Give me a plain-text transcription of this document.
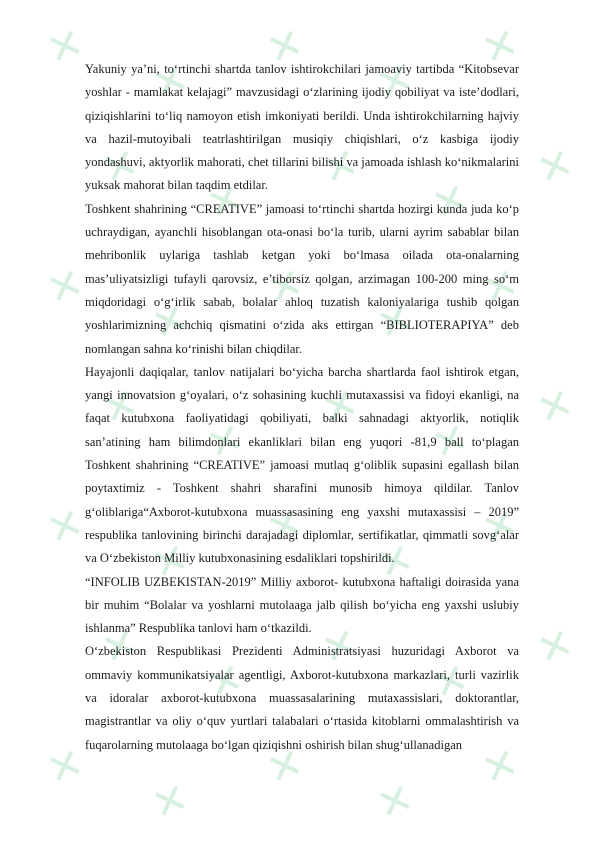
✕
✕
✕
✕
✕
✕
✕
✕
✕
✕
✕
✕
✕
✕
✕
✕
✕
✕
✕
✕
✕
✕
✕
✕
✕
✕
✕
✕
✕
✕
✕
✕
✕
✕
✕

Yakuniy ya’ni, to‘rtinchi shartda tanlov ishtirokchilari jamoaviy tartibda “Kitobsevar yoshlar - mamlakat kelajagi” mavzusidagi o‘zlarining ijodiy qobiliyat va iste’dodlari, qiziqishlarini to‘liq namoyon etish imkoniyati berildi. Unda ishtirokchilarning hajviy va hazil-mutoyibali teatrlashtirilgan musiqiy chiqishlari, o‘z kasbiga ijodiy yondashuvi, aktyorlik mahorati, chet tillarini bilishi va jamoada ishlash ko‘nikmalarini yuksak mahorat bilan taqdim etdilar.

Toshkent shahrining “CREATIVE” jamoasi to‘rtinchi shartda hozirgi kunda juda ko‘p uchraydigan, ayanchli hisoblangan ota-onasi bo‘la turib, ularni ayrim sabablar bilan mehribonlik uylariga tashlab ketgan yoki bo‘lmasa oilada ota-onalarning mas’uliyatsizligi tufayli qarovsiz, e’tiborsiz qolgan, arzimagan 100-200 ming so‘m miqdoridagi o‘g‘irlik sabab, bolalar ahloq tuzatish kaloniyalariga tushib qolgan yoshlarimizning achchiq qismatini o‘zida aks ettirgan “BIBLIOTERAPIYA” deb nomlangan sahna ko‘rinishi bilan chiqdilar.

Hayajonli daqiqalar, tanlov natijalari bo‘yicha barcha shartlarda faol ishtirok etgan, yangi innovatsion g‘oyalari, o‘z sohasining kuchli mutaxassisi va fidoyi ekanligi, na faqat kutubxona faoliyatidagi qobiliyati, balki sahnadagi aktyorlik, notiqlik san’atining ham bilimdonlari ekanliklari bilan eng yuqori -81,9 ball to‘plagan Toshkent shahrining “CREATIVE” jamoasi mutlaq g‘oliblik supasini egallash bilan poytaxtimiz - Toshkent shahri sharafini munosib himoya qildilar. Tanlov g‘oliblariga“Axborot-kutubxona muassasasining eng yaxshi mutaxassisi – 2019” respublika tanlovining birinchi darajadagi diplomlar, sertifikatlar, qimmatli sovg‘alar va O‘zbekiston Milliy kutubxonasining esdaliklari topshirildi.

“INFOLIB UZBEKISTAN-2019” Milliy axborot- kutubxona haftaligi doirasida yana bir muhim “Bolalar va yoshlarni mutolaaga jalb qilish bo‘yicha eng yaxshi uslubiy ishlanma” Respublika tanlovi ham o‘tkazildi.

O‘zbekiston Respublikasi Prezidenti Administratsiyasi huzuridagi Axborot va ommaviy kommunikatsiyalar agentligi, Axborot-kutubxona markazlari, turli vazirlik va idoralar axborot-kutubxona muassasalarining mutaxassislari, doktorantlar, magistrantlar va oliy o‘quv yurtlari talabalari o‘rtasida kitoblarni ommalashtirish va fuqarolarning mutolaaga bo‘lgan qiziqishni oshirish bilan shug‘ullanadigan
